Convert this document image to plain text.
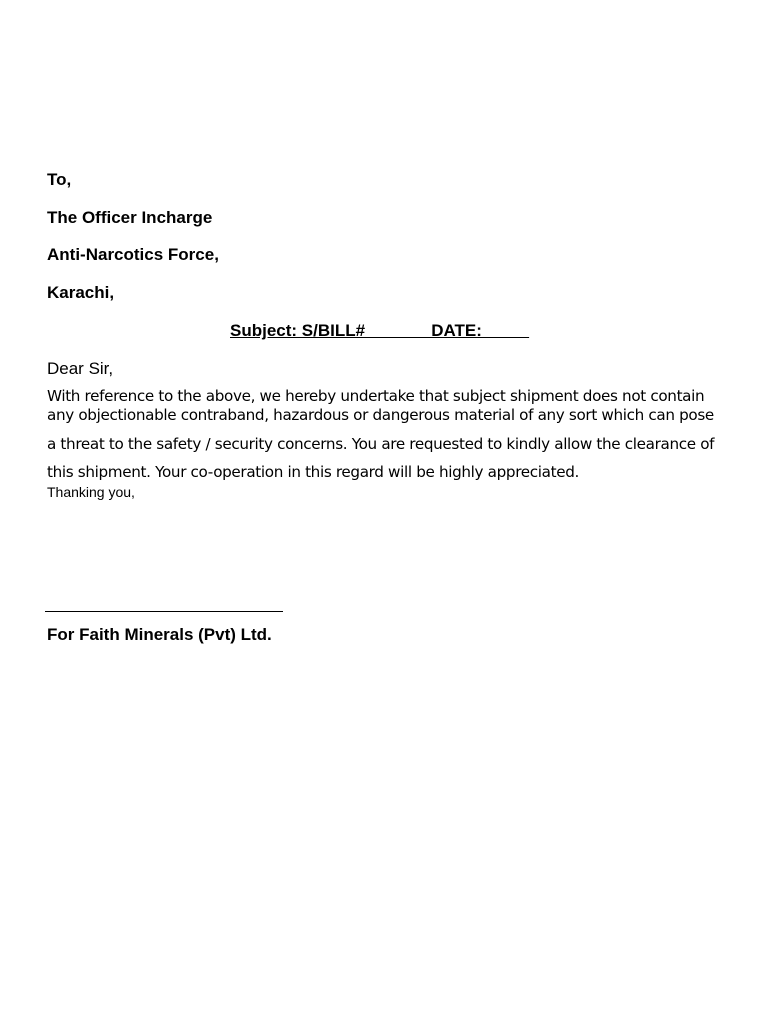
To,
The Officer Incharge
Anti-Narcotics Force,
Karachi,
Subject: S/BILL#              DATE:
Dear Sir,
With reference to the above, we hereby undertake that subject shipment does not contain
any objectionable contraband, hazardous or dangerous material of any sort which can pose
a threat to the safety / security concerns. You are requested to kindly allow the clearance of
this shipment. Your co-operation in this regard will be highly appreciated.
Thanking you,
For Faith Minerals (Pvt) Ltd.
